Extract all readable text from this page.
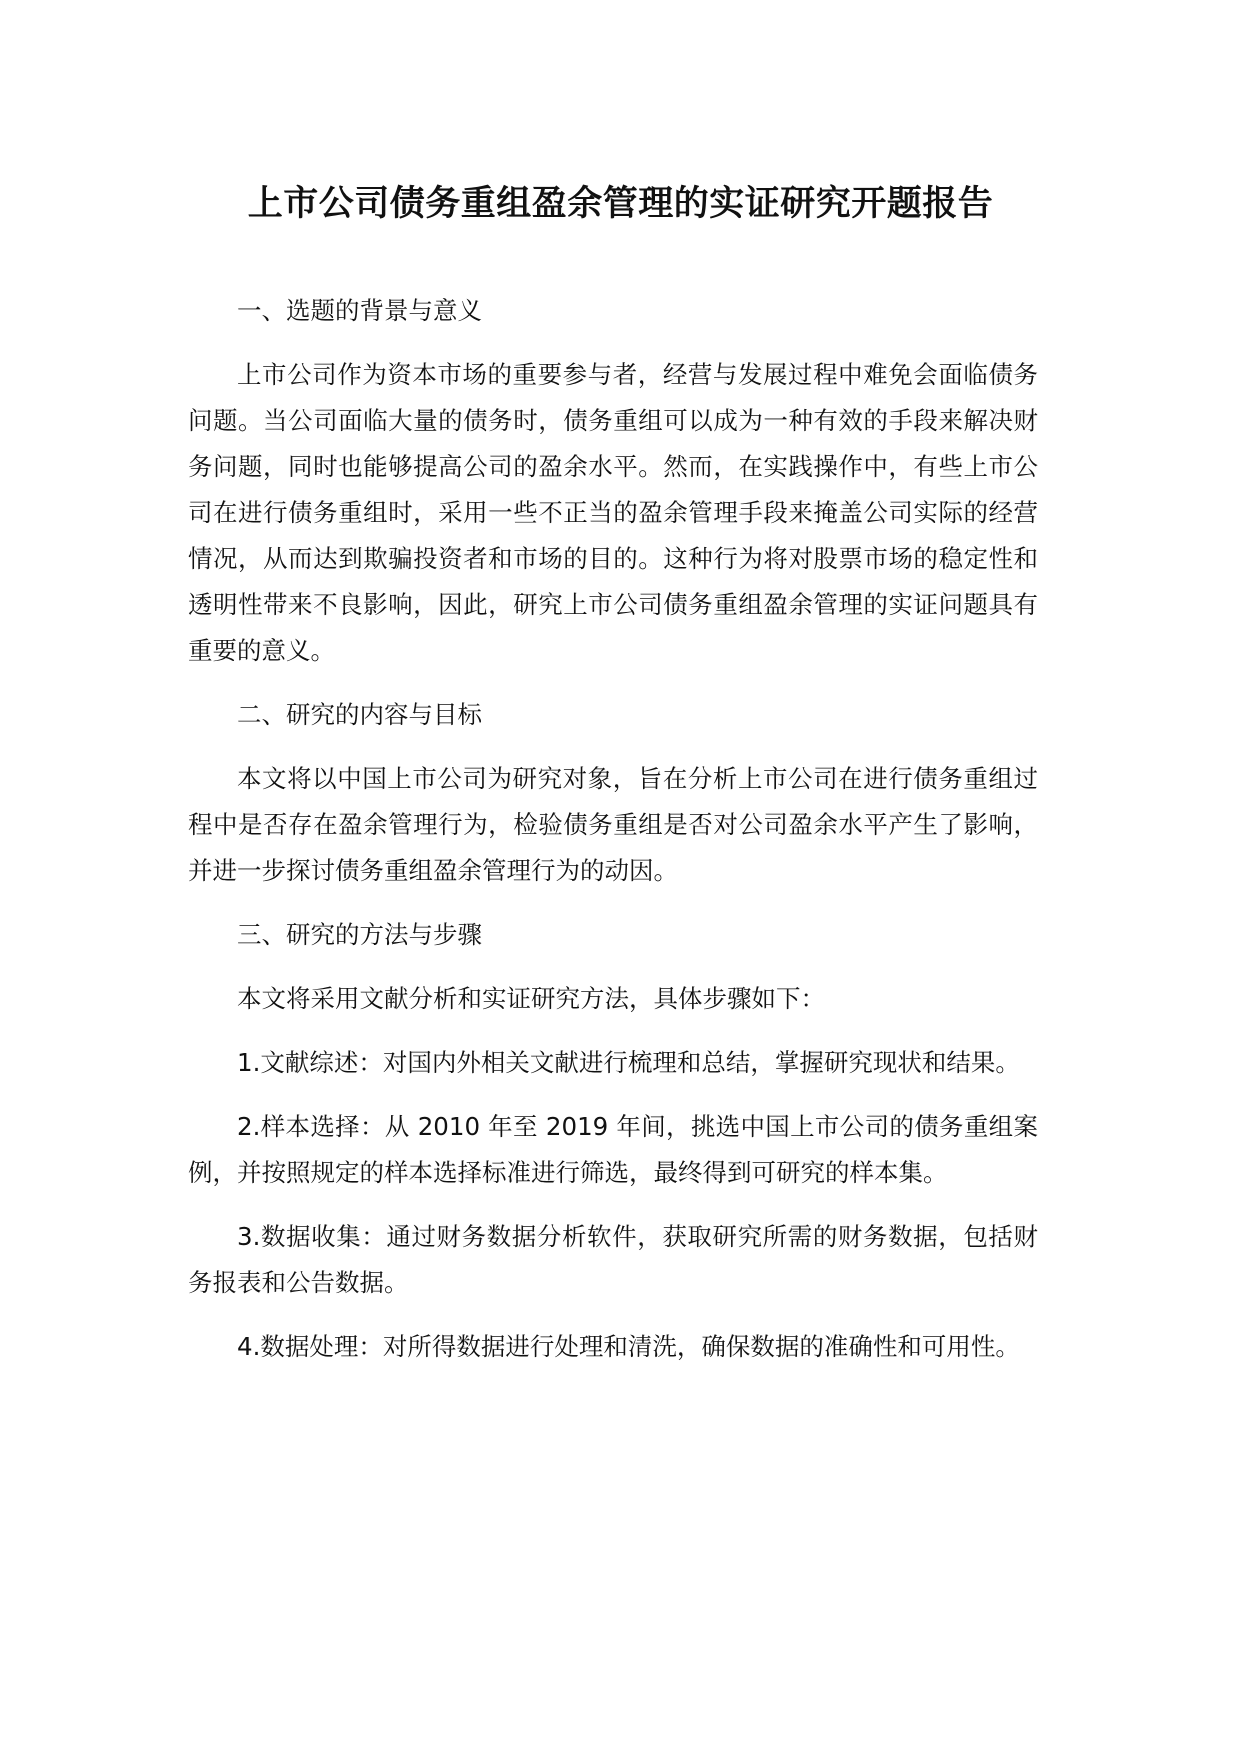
上市公司债务重组盈余管理的实证研究开题报告

一、选题的背景与意义

上市公司作为资本市场的重要参与者，经营与发展过程中难免会面临债务问题。当公司面临大量的债务时，债务重组可以成为一种有效的手段来解决财务问题，同时也能够提高公司的盈余水平。然而，在实践操作中，有些上市公司在进行债务重组时，采用一些不正当的盈余管理手段来掩盖公司实际的经营情况，从而达到欺骗投资者和市场的目的。这种行为将对股票市场的稳定性和透明性带来不良影响，因此，研究上市公司债务重组盈余管理的实证问题具有重要的意义。

二、研究的内容与目标

本文将以中国上市公司为研究对象，旨在分析上市公司在进行债务重组过程中是否存在盈余管理行为，检验债务重组是否对公司盈余水平产生了影响，并进一步探讨债务重组盈余管理行为的动因。

三、研究的方法与步骤

本文将采用文献分析和实证研究方法，具体步骤如下：

1.文献综述：对国内外相关文献进行梳理和总结，掌握研究现状和结果。

2.样本选择：从 2010 年至 2019 年间，挑选中国上市公司的债务重组案例，并按照规定的样本选择标准进行筛选，最终得到可研究的样本集。

3.数据收集：通过财务数据分析软件，获取研究所需的财务数据，包括财务报表和公告数据。

4.数据处理：对所得数据进行处理和清洗，确保数据的准确性和可用性。
